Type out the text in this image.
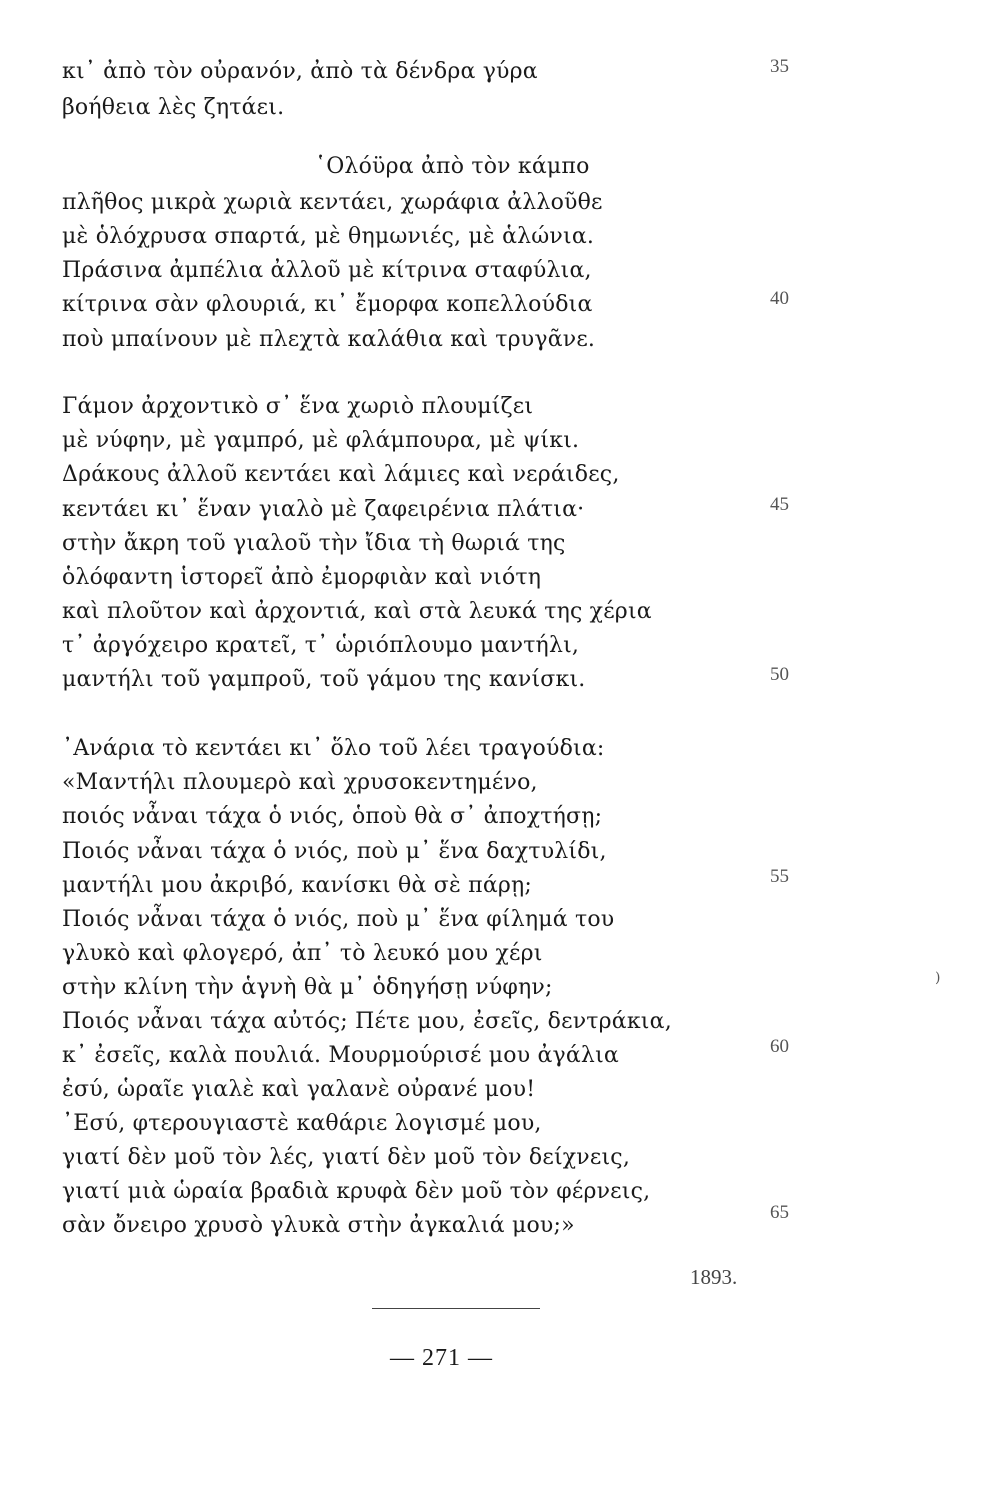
κι᾽ ἀπὸ τὸν οὐρανόν, ἀπὸ τὰ δένδρα γύρα
βοήθεια λὲς ζητάει.
῾Ολόϋρα ἀπὸ τὸν κάμπο
πλῆθος μικρὰ χωριὰ κεντάει, χωράφια ἀλλοῦθε
μὲ ὁλόχρυσα σπαρτά, μὲ θημωνιές, μὲ ἁλώνια.
Πράσινα ἀμπέλια ἀλλοῦ μὲ κίτρινα σταφύλια,
κίτρινα σὰν φλουριά, κι᾽ ἔμορφα κοπελλούδια
ποὺ μπαίνουν μὲ πλεχτὰ καλάθια καὶ τρυγᾶνε.
Γάμον ἀρχοντικὸ σ᾽ ἕνα χωριὸ πλουμίζει
μὲ νύφην, μὲ γαμπρό, μὲ φλάμπουρα, μὲ ψίκι.
Δράκους ἀλλοῦ κεντάει καὶ λάμιες καὶ νεράιδες,
κεντάει κι᾽ ἕναν γιαλὸ μὲ ζαφειρένια πλάτια·
στὴν ἄκρη τοῦ γιαλοῦ τὴν ἴδια τὴ θωριά της
ὁλόφαντη ἱστορεῖ ἀπὸ ἐμορφιὰν καὶ νιότη
καὶ πλοῦτον καὶ ἀρχοντιά, καὶ στὰ λευκά της χέρια
τ᾽ ἀργόχειρο κρατεῖ, τ᾽ ὡριόπλουμο μαντήλι,
μαντήλι τοῦ γαμπροῦ, τοῦ γάμου της κανίσκι.
᾽Ανάρια τὸ κεντάει κι᾽ ὅλο τοῦ λέει τραγούδια:
«Μαντήλι πλουμερὸ καὶ χρυσοκεντημένο,
ποιός νἆναι τάχα ὁ νιός, ὁποὺ θὰ σ᾽ ἀποχτήσῃ;
Ποιός νἆναι τάχα ὁ νιός, ποὺ μ᾽ ἕνα δαχτυλίδι,
μαντήλι μου ἀκριβό, κανίσκι θὰ σὲ πάρῃ;
Ποιός νἆναι τάχα ὁ νιός, ποὺ μ᾽ ἕνα φίλημά του
γλυκὸ καὶ φλογερό, ἀπ᾽ τὸ λευκό μου χέρι
στὴν κλίνη τὴν ἁγνὴ θὰ μ᾽ ὁδηγήσῃ νύφην;
Ποιός νἆναι τάχα αὐτός; Πέτε μου, ἐσεῖς, δεντράκια,
κ᾽ ἐσεῖς, καλὰ πουλιά. Μουρμούρισέ μου ἀγάλια
ἐσύ, ὡραῖε γιαλὲ καὶ γαλανὲ οὐρανέ μου!
᾽Εσύ, φτερουγιαστὲ καθάριε λογισμέ μου,
γιατί δὲν μοῦ τὸν λές, γιατί δὲν μοῦ τὸν δείχνεις,
γιατί μιὰ ὡραία βραδιὰ κρυφὰ δὲν μοῦ τὸν φέρνεις,
σὰν ὄνειρο χρυσὸ γλυκὰ στὴν ἀγκαλιά μου;»
35
40
45
50
55
60
65
)
1893.
— 271 —
